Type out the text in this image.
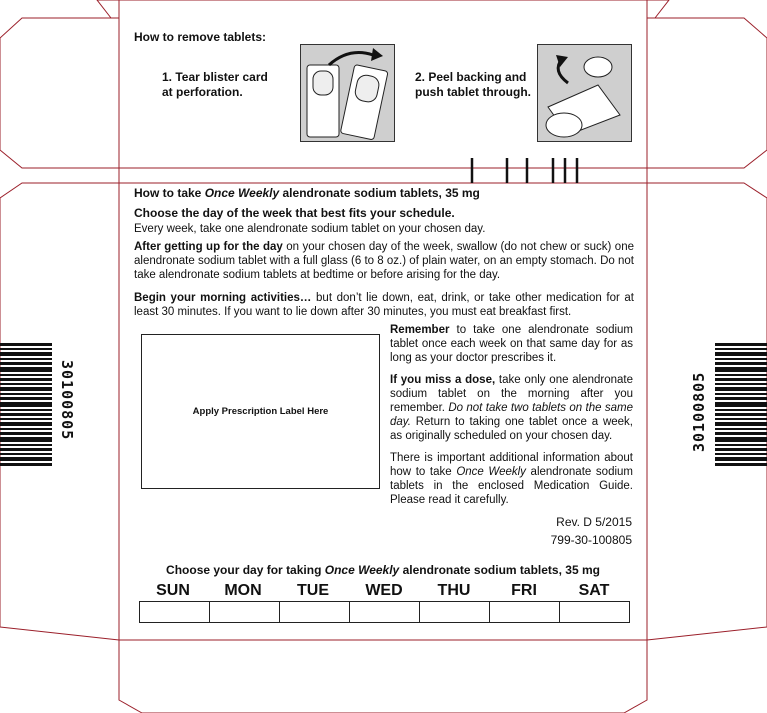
How to remove tablets:
1. Tear blister card
at perforation.
2. Peel backing and
push tablet through.
How to take Once Weekly alendronate sodium tablets, 35 mg
Choose the day of the week that best fits your schedule.
Every week, take one alendronate sodium tablet on your chosen day.
After getting up for the day on your chosen day of the week, swallow (do not chew or suck) one alendronate sodium tablet with a full glass (6 to 8 oz.) of plain water, on an empty stomach. Do not take alendronate sodium tablets at bedtime or before arising for the day.
Begin your morning activities… but don’t lie down, eat, drink, or take other medication for at least 30 minutes. If you want to lie down after 30 minutes, you must eat breakfast first.
Apply Prescription Label Here
Remember to take one alendronate sodium tablet once each week on that same day for as long as your doctor prescribes it.
If you miss a dose, take only one alendronate sodium tablet on the morning after you remember. Do not take two tablets on the same day. Return to taking one tablet once a week, as originally scheduled on your chosen day.
There is important additional information about how to take Once Weekly alendronate sodium tablets in the enclosed Medication Guide. Please read it carefully.
Rev. D 5/2015
799-30-100805
Choose your day for taking Once Weekly alendronate sodium tablets, 35 mg
SUN	MON	TUE	WED	THU	FRI	SAT
30100805	30100805
